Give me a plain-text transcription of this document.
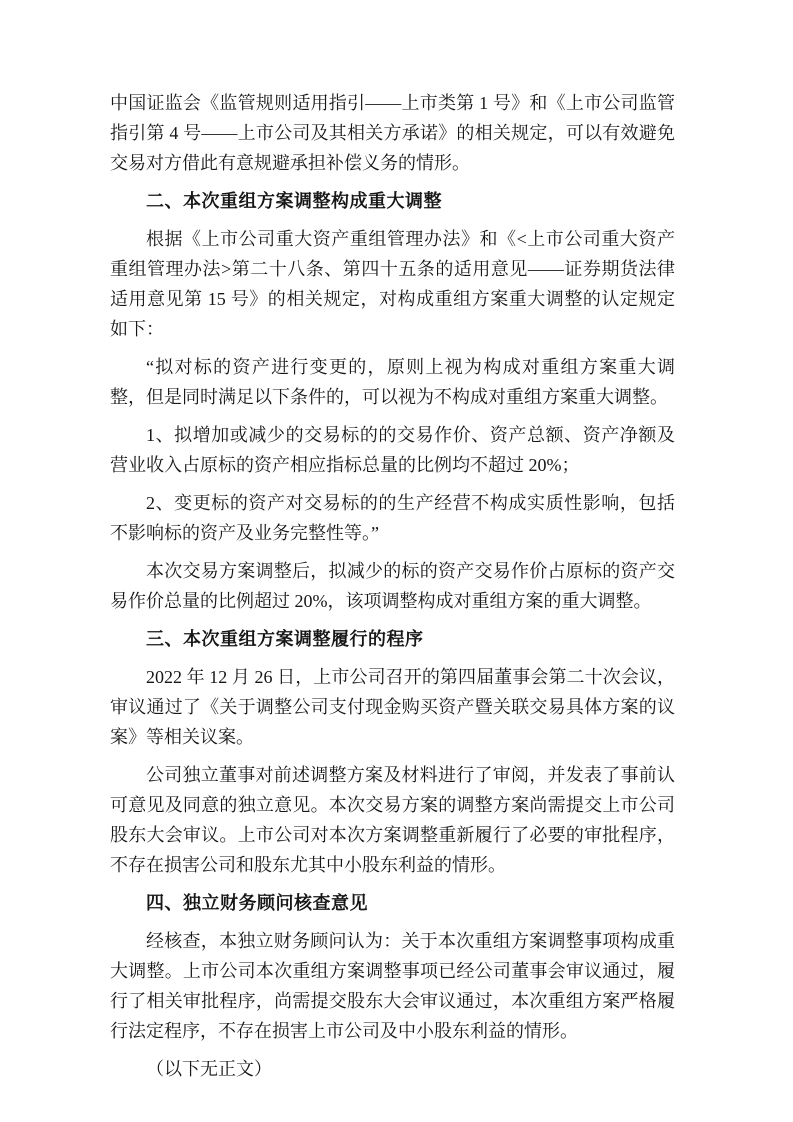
中国证监会《监管规则适用指引——上市类第 1 号》和《上市公司监管指引第 4 号——上市公司及其相关方承诺》的相关规定，可以有效避免交易对方借此有意规避承担补偿义务的情形。

二、本次重组方案调整构成重大调整

根据《上市公司重大资产重组管理办法》和《<上市公司重大资产重组管理办法>第二十八条、第四十五条的适用意见——证券期货法律适用意见第 15 号》的相关规定，对构成重组方案重大调整的认定规定如下：

“拟对标的资产进行变更的，原则上视为构成对重组方案重大调整，但是同时满足以下条件的，可以视为不构成对重组方案重大调整。

1、拟增加或减少的交易标的的交易作价、资产总额、资产净额及营业收入占原标的资产相应指标总量的比例均不超过 20%；

2、变更标的资产对交易标的的生产经营不构成实质性影响，包括不影响标的资产及业务完整性等。”

本次交易方案调整后，拟减少的标的资产交易作价占原标的资产交易作价总量的比例超过 20%，该项调整构成对重组方案的重大调整。

三、本次重组方案调整履行的程序

2022 年 12 月 26 日，上市公司召开的第四届董事会第二十次会议，审议通过了《关于调整公司支付现金购买资产暨关联交易具体方案的议案》等相关议案。

公司独立董事对前述调整方案及材料进行了审阅，并发表了事前认可意见及同意的独立意见。本次交易方案的调整方案尚需提交上市公司股东大会审议。上市公司对本次方案调整重新履行了必要的审批程序，不存在损害公司和股东尤其中小股东利益的情形。

四、独立财务顾问核查意见

经核查，本独立财务顾问认为：关于本次重组方案调整事项构成重大调整。上市公司本次重组方案调整事项已经公司董事会审议通过，履行了相关审批程序，尚需提交股东大会审议通过，本次重组方案严格履行法定程序，不存在损害上市公司及中小股东利益的情形。

（以下无正文）
